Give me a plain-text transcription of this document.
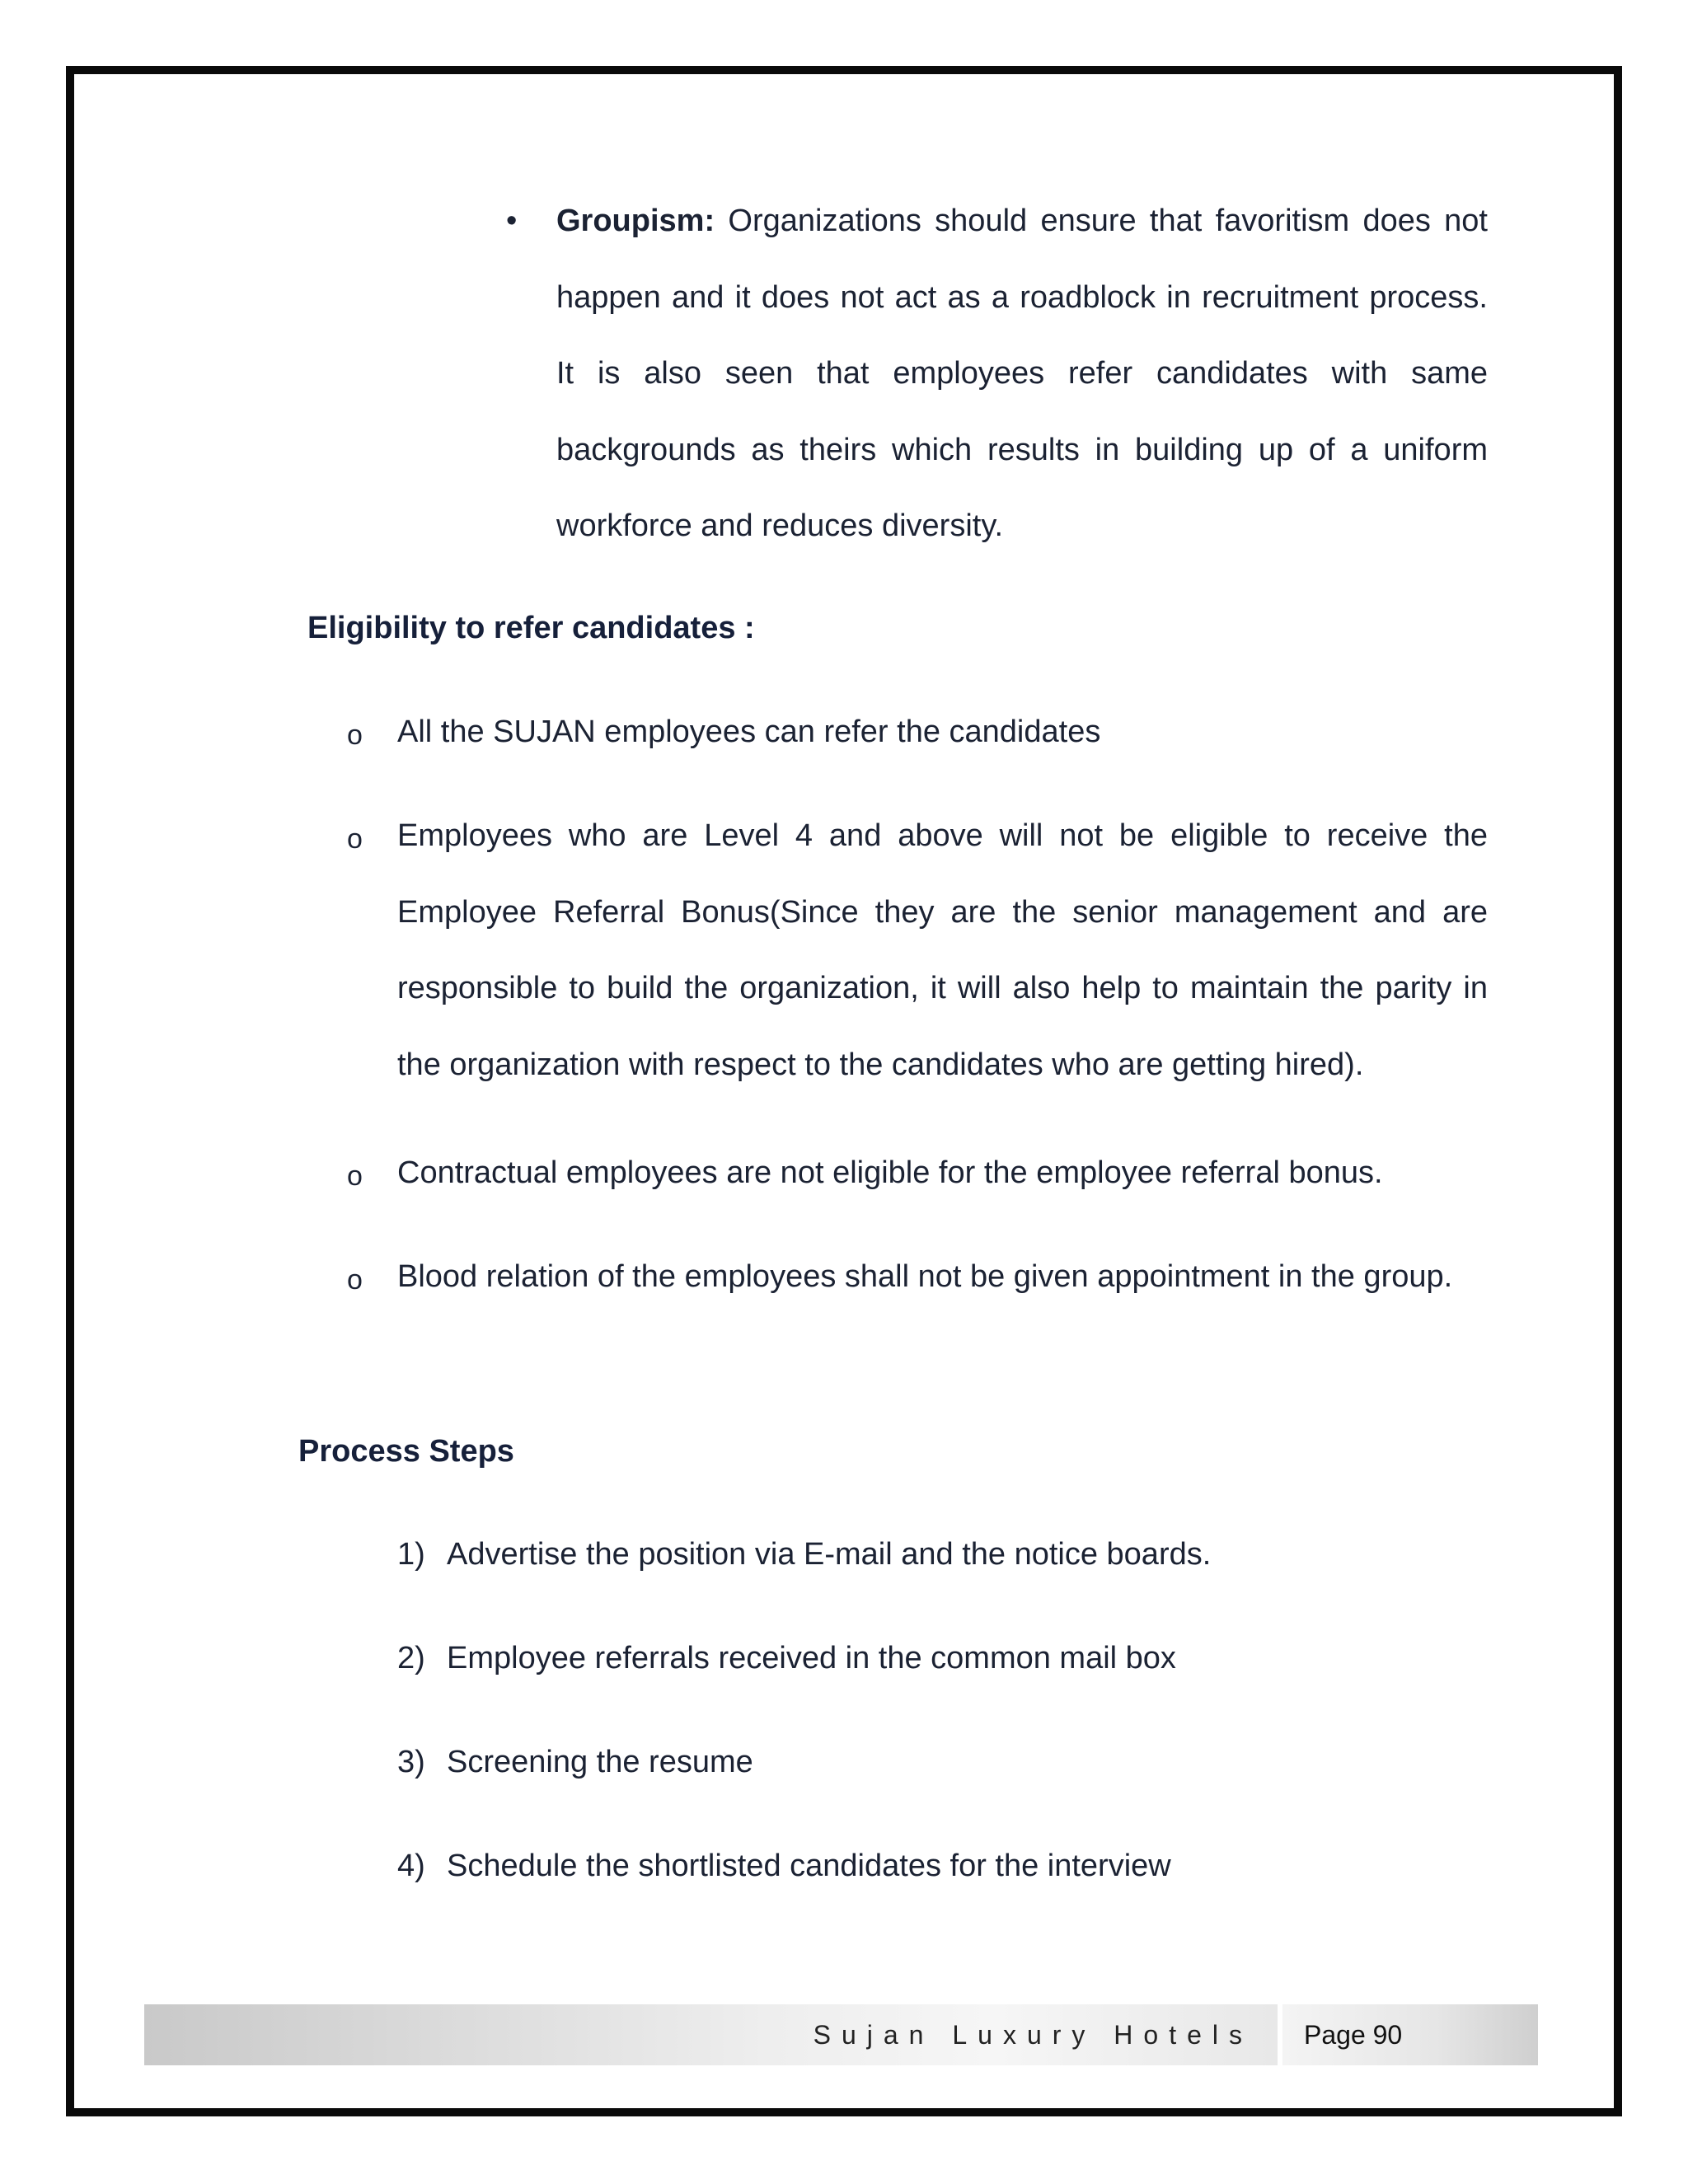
• Groupism: Organizations should ensure that favoritism does not happen and it does not act as a roadblock in recruitment process. It is also seen that employees refer candidates with same backgrounds as theirs which results in building up of a uniform workforce and reduces diversity.
Eligibility to refer candidates :
o All the SUJAN employees can refer the candidates
o Employees who are Level 4 and above will not be eligible to receive the Employee Referral Bonus(Since they are the senior management and are responsible to build the organization, it will also help to maintain the parity in the organization with respect to the candidates who are getting hired).
o Contractual employees are not eligible for the employee referral bonus.
o Blood relation of the employees shall not be given appointment in the group.
Process Steps
1) Advertise the position via E-mail and the notice boards.
2) Employee referrals received in the common mail box
3) Screening the resume
4) Schedule the shortlisted candidates for the interview
Sujan Luxury Hotels Page 90
